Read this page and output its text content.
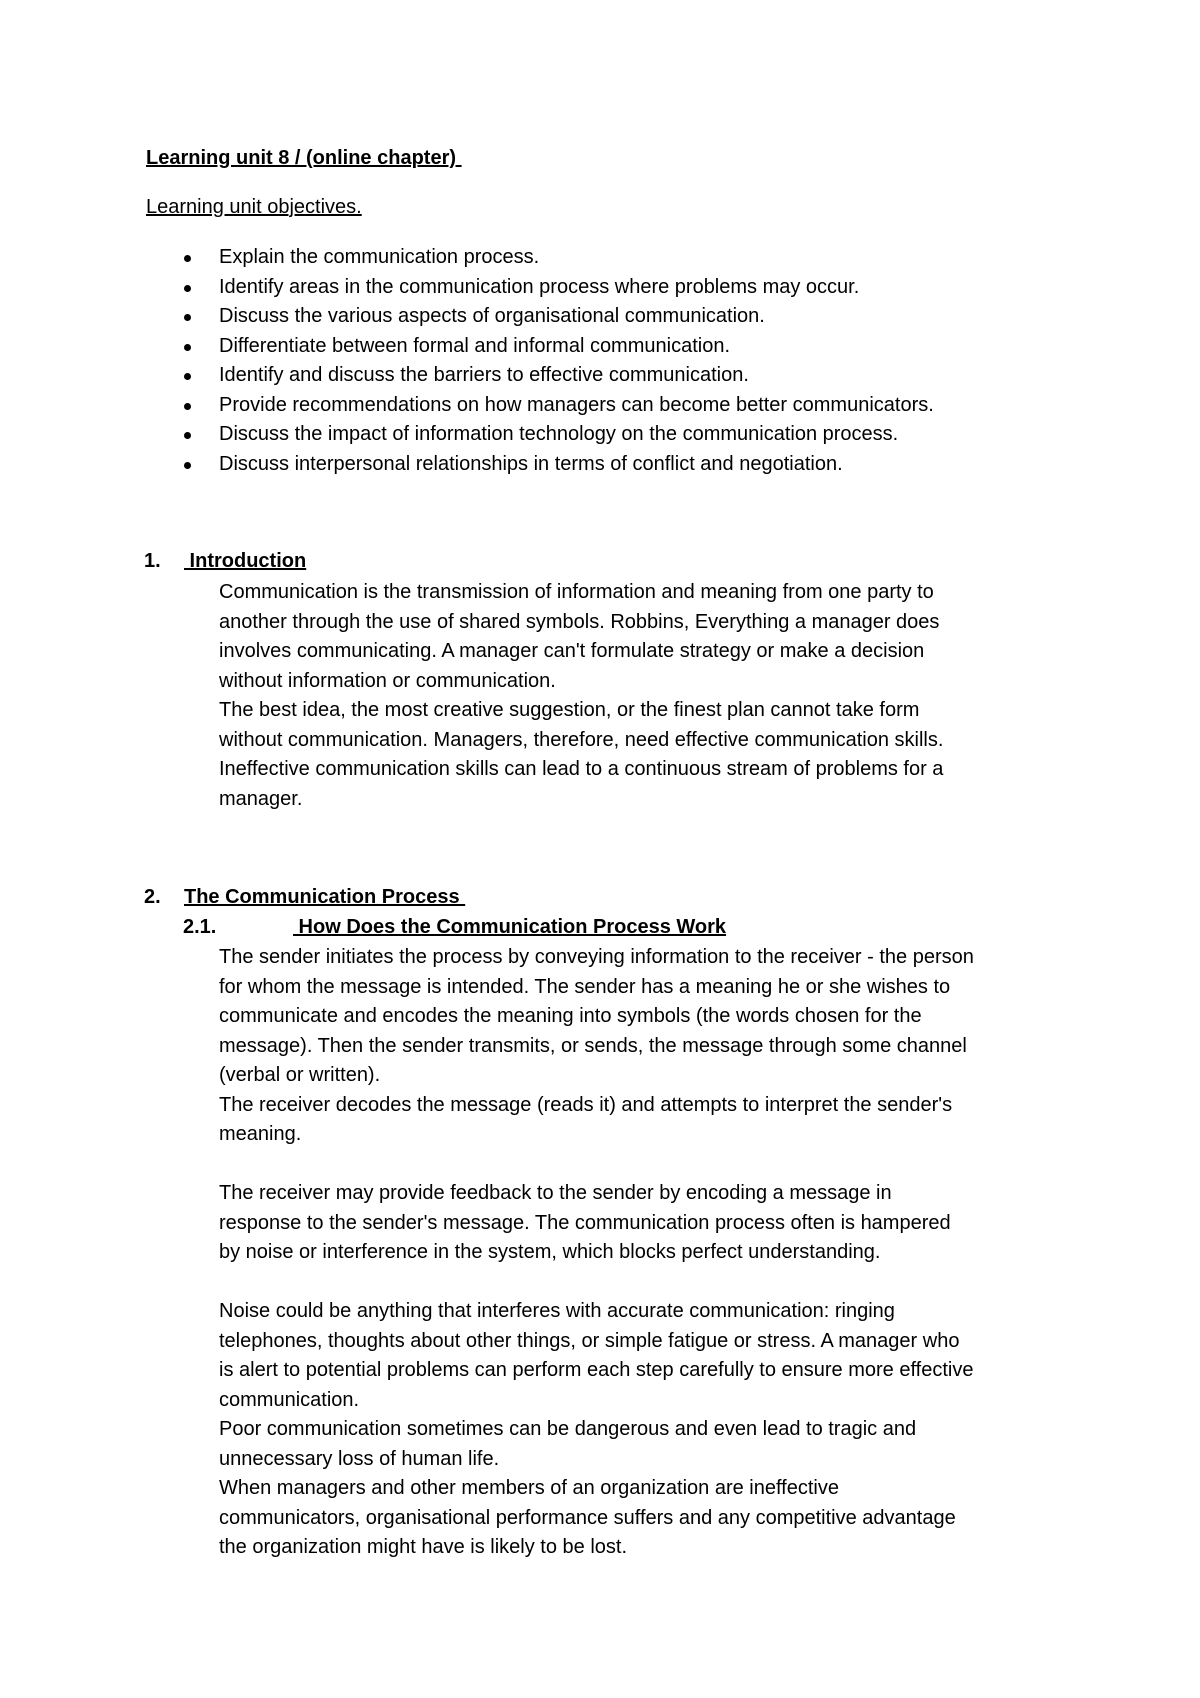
Learning unit 8 / (online chapter)

Learning unit objectives.

Explain the communication process.
Identify areas in the communication process where problems may occur.
Discuss the various aspects of organisational communication.
Differentiate between formal and informal communication.
Identify and discuss the barriers to effective communication.
Provide recommendations on how managers can become better communicators.
Discuss the impact of information technology on the communication process.
Discuss interpersonal relationships in terms of conflict and negotiation.
1. Introduction

Communication is the transmission of information and meaning from one party to

another through the use of shared symbols. Robbins, Everything a manager does

involves communicating. A manager can't formulate strategy or make a decision

without information or communication.

The best idea, the most creative suggestion, or the finest plan cannot take form

without communication. Managers, therefore, need effective communication skills.

Ineffective communication skills can lead to a continuous stream of problems for a

manager.

2. The Communication Process
2.1.	How Does the Communication Process Work

The sender initiates the process by conveying information to the receiver - the person

for whom the message is intended. The sender has a meaning he or she wishes to

communicate and encodes the meaning into symbols (the words chosen for the

message). Then the sender transmits, or sends, the message through some channel

(verbal or written).

The receiver decodes the message (reads it) and attempts to interpret the sender's

meaning.

The receiver may provide feedback to the sender by encoding a message in

response to the sender's message. The communication process often is hampered

by noise or interference in the system, which blocks perfect understanding.

Noise could be anything that interferes with accurate communication: ringing

telephones, thoughts about other things, or simple fatigue or stress. A manager who

is alert to potential problems can perform each step carefully to ensure more effective

communication.

Poor communication sometimes can be dangerous and even lead to tragic and

unnecessary loss of human life.

When managers and other members of an organization are ineffective

communicators, organisational performance suffers and any competitive advantage

the organization might have is likely to be lost.
